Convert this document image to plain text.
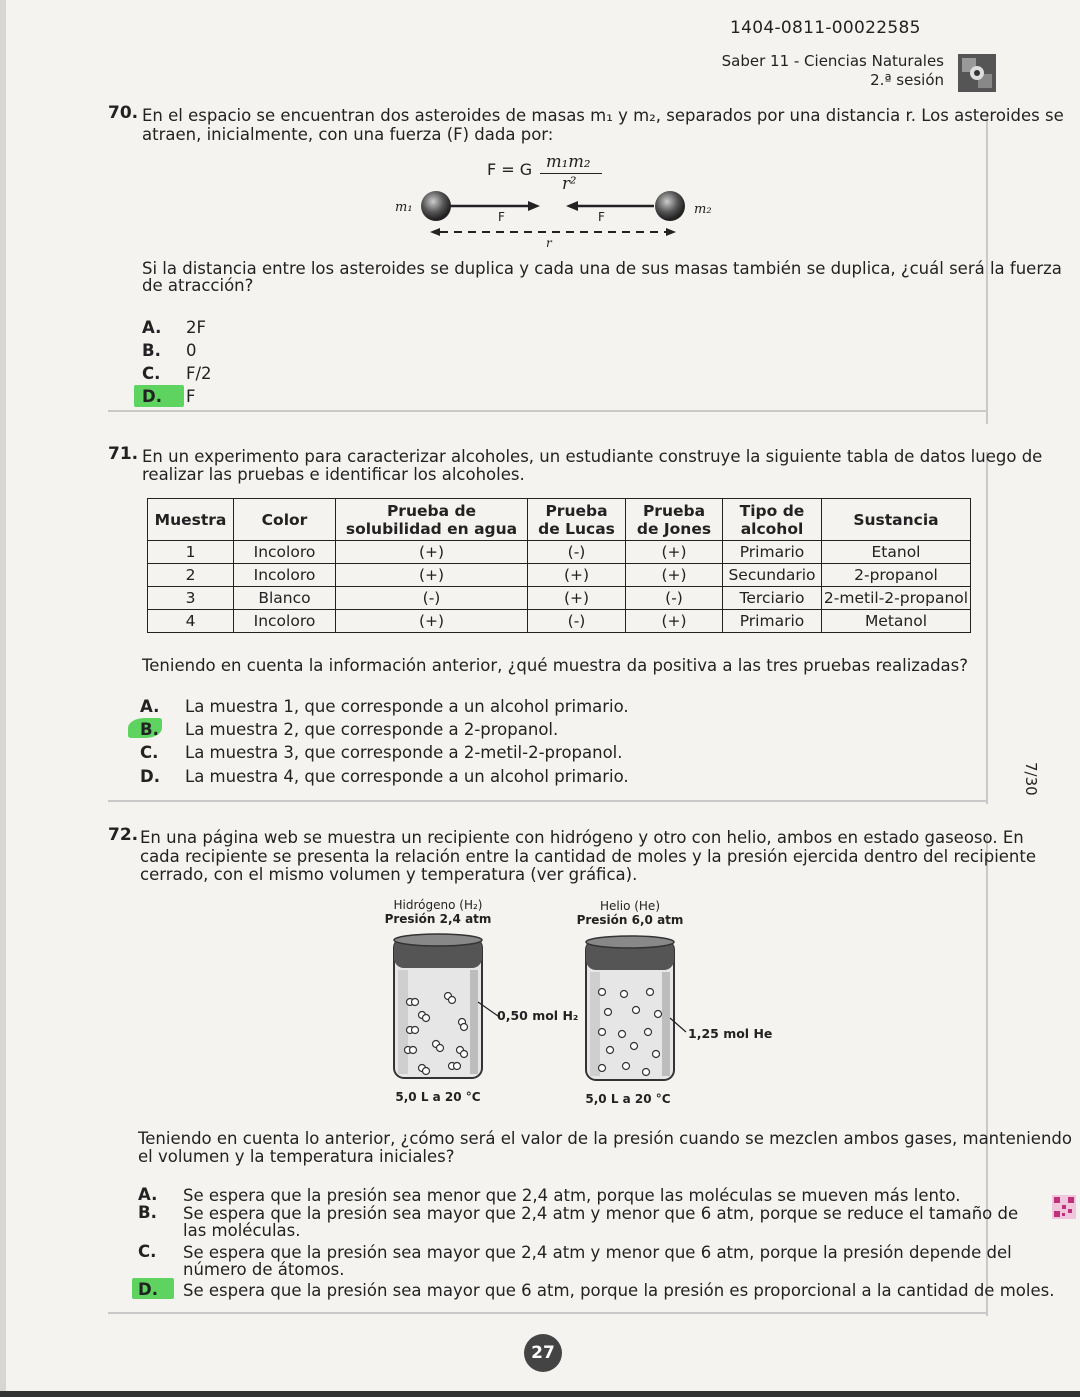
1404-0811-00022585
Saber 11 - Ciencias Naturales
2.ª sesión
70. En el espacio se encuentran dos asteroides de masas m₁ y m₂, separados por una distancia r. Los asteroides se
atraen, inicialmente, con una fuerza (F) dada por:
F = G m₁m₂
r²
m₁	m₂
F	F
r
Si la distancia entre los asteroides se duplica y cada una de sus masas también se duplica, ¿cuál será la fuerza
de atracción?
A. 2F
B. 0
C. F/2
D. F
71. En un experimento para caracterizar alcoholes, un estudiante construye la siguiente tabla de datos luego de
realizar las pruebas e identificar los alcoholes.
Muestra	Color	Prueba de solubilidad en agua	Prueba de Lucas	Prueba de Jones	Tipo de alcohol	Sustancia
1	Incoloro	(+)	(-)	(+)	Primario	Etanol
2	Incoloro	(+)	(+)	(+)	Secundario	2-propanol
3	Blanco	(-)	(+)	(-)	Terciario	2-metil-2-propanol
4	Incoloro	(+)	(-)	(+)	Primario	Metanol
Teniendo en cuenta la información anterior, ¿qué muestra da positiva a las tres pruebas realizadas?
A. La muestra 1, que corresponde a un alcohol primario.
B. La muestra 2, que corresponde a 2-propanol.
C. La muestra 3, que corresponde a 2-metil-2-propanol.
D. La muestra 4, que corresponde a un alcohol primario.	7/30
72. En una página web se muestra un recipiente con hidrógeno y otro con helio, ambos en estado gaseoso. En
cada recipiente se presenta la relación entre la cantidad de moles y la presión ejercida dentro del recipiente
cerrado, con el mismo volumen y temperatura (ver gráfica).
Hidrógeno (H₂)
Presión 2,4 atm
Helio (He)
Presión 6,0 atm
0,50 mol H₂
1,25 mol He
5,0 L a 20 °C	5,0 L a 20 °C
Teniendo en cuenta lo anterior, ¿cómo será el valor de la presión cuando se mezclen ambos gases, manteniendo
el volumen y la temperatura iniciales?
A. Se espera que la presión sea menor que 2,4 atm, porque las moléculas se mueven más lento.
B. Se espera que la presión sea mayor que 2,4 atm y menor que 6 atm, porque se reduce el tamaño de
las moléculas.
C. Se espera que la presión sea mayor que 2,4 atm y menor que 6 atm, porque la presión depende del
número de átomos.
D. Se espera que la presión sea mayor que 6 atm, porque la presión es proporcional a la cantidad de moles.
27
